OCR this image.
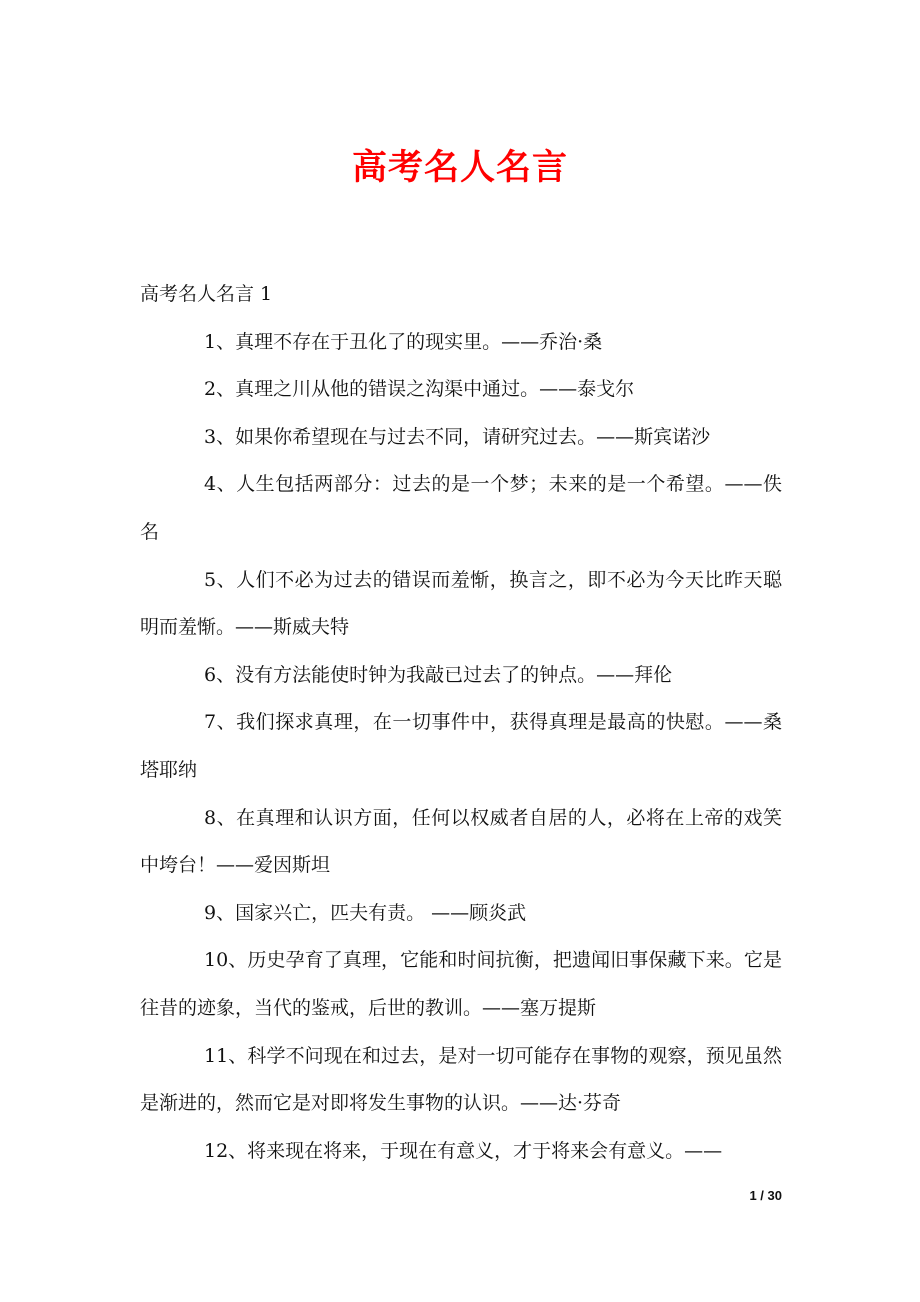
高考名人名言

高考名人名言 1

1、真理不存在于丑化了的现实里。——乔治·桑

2、真理之川从他的错误之沟渠中通过。——泰戈尔

3、如果你希望现在与过去不同，请研究过去。——斯宾诺沙

4、人生包括两部分：过去的是一个梦；未来的是一个希望。——佚名

5、人们不必为过去的错误而羞惭，换言之，即不必为今天比昨天聪明而羞惭。——斯威夫特

6、没有方法能使时钟为我敲已过去了的钟点。——拜伦

7、我们探求真理，在一切事件中，获得真理是最高的快慰。——桑塔耶纳

8、在真理和认识方面，任何以权威者自居的人，必将在上帝的戏笑中垮台！——爱因斯坦

9、国家兴亡，匹夫有责。 ——顾炎武

10、历史孕育了真理，它能和时间抗衡，把遗闻旧事保藏下来。它是往昔的迹象，当代的鉴戒，后世的教训。——塞万提斯

11、科学不问现在和过去，是对一切可能存在事物的观察，预见虽然是渐进的，然而它是对即将发生事物的认识。——达·芬奇

12、将来现在将来，于现在有意义，才于将来会有意义。——

1 / 30
